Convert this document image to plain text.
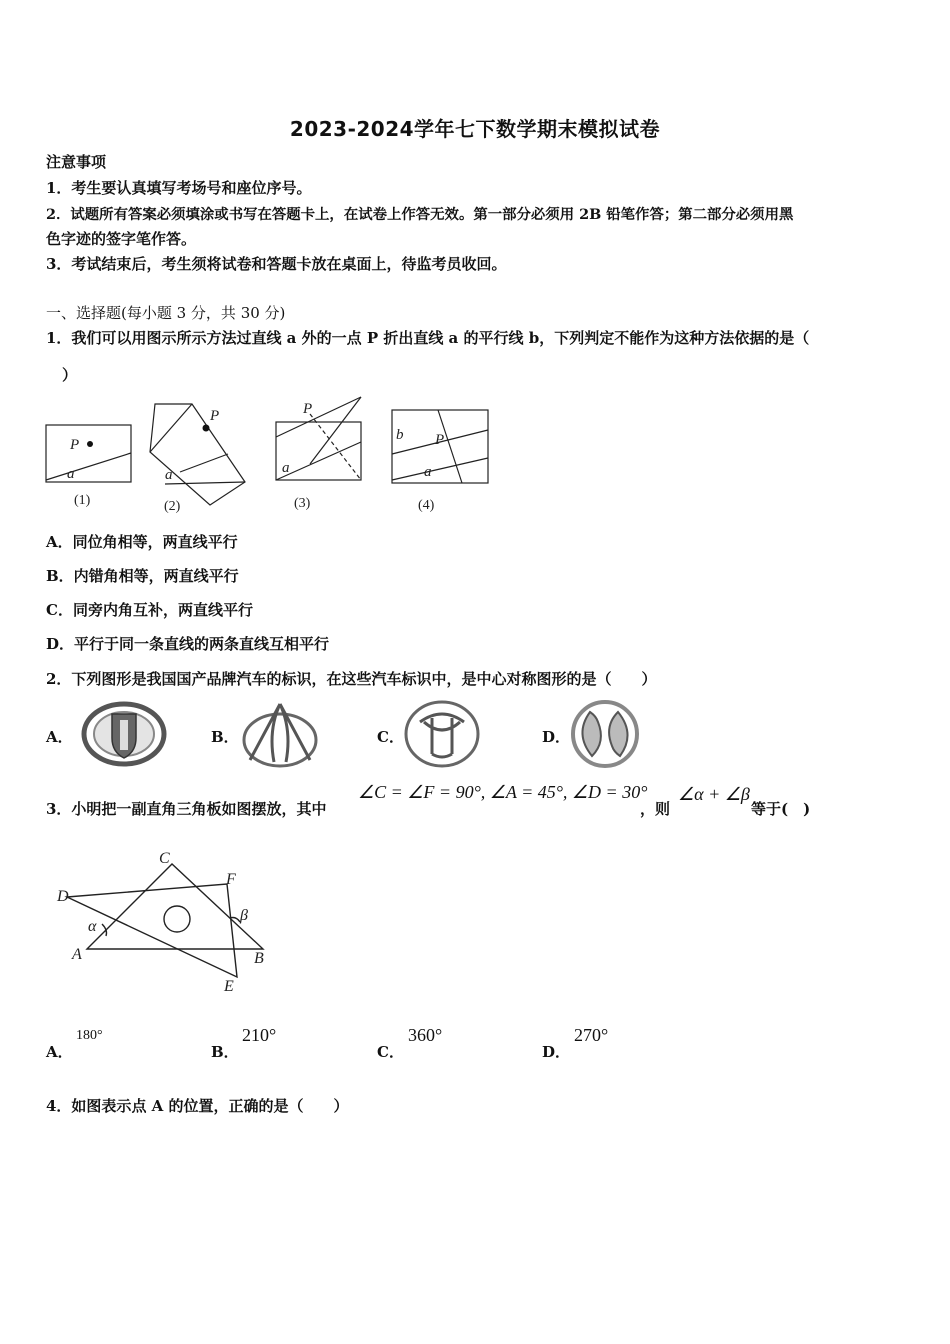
2023-2024学年七下数学期末模拟试卷
注意事项
1．考生要认真填写考场号和座位序号。
2．试题所有答案必须填涂或书写在答题卡上，在试卷上作答无效。第一部分必须用 2B 铅笔作答；第二部分必须用黑
色字迹的签字笔作答。
3．考试结束后，考生须将试卷和答题卡放在桌面上，待监考员收回。
一、选择题(每小题 3 分，共 30 分)
1．我们可以用图示所示方法过直线 a 外的一点 P 折出直线 a 的平行线 b，下列判定不能作为这种方法依据的是（
）
P
a
P
a
P
a
b P
a
(1)	(2)	(3)	(4)
A．同位角相等，两直线平行
B．内错角相等，两直线平行
C．同旁内角互补，两直线平行
D．平行于同一条直线的两条直线互相平行
2．下列图形是我国国产品牌汽车的标识，在这些汽车标识中，是中心对称图形的是（　　）
A．	B．	C．	D．
3．小明把一副直角三角板如图摆放，其中
∠C = ∠F = 90°, ∠A = 45°, ∠D = 30°
，则
∠α + ∠β
等于(　)
C
F
D
α
β
A	B
E
A．
180°
B．
210°
C．
360°
D．
270°
4．如图表示点 A 的位置，正确的是（　　）
